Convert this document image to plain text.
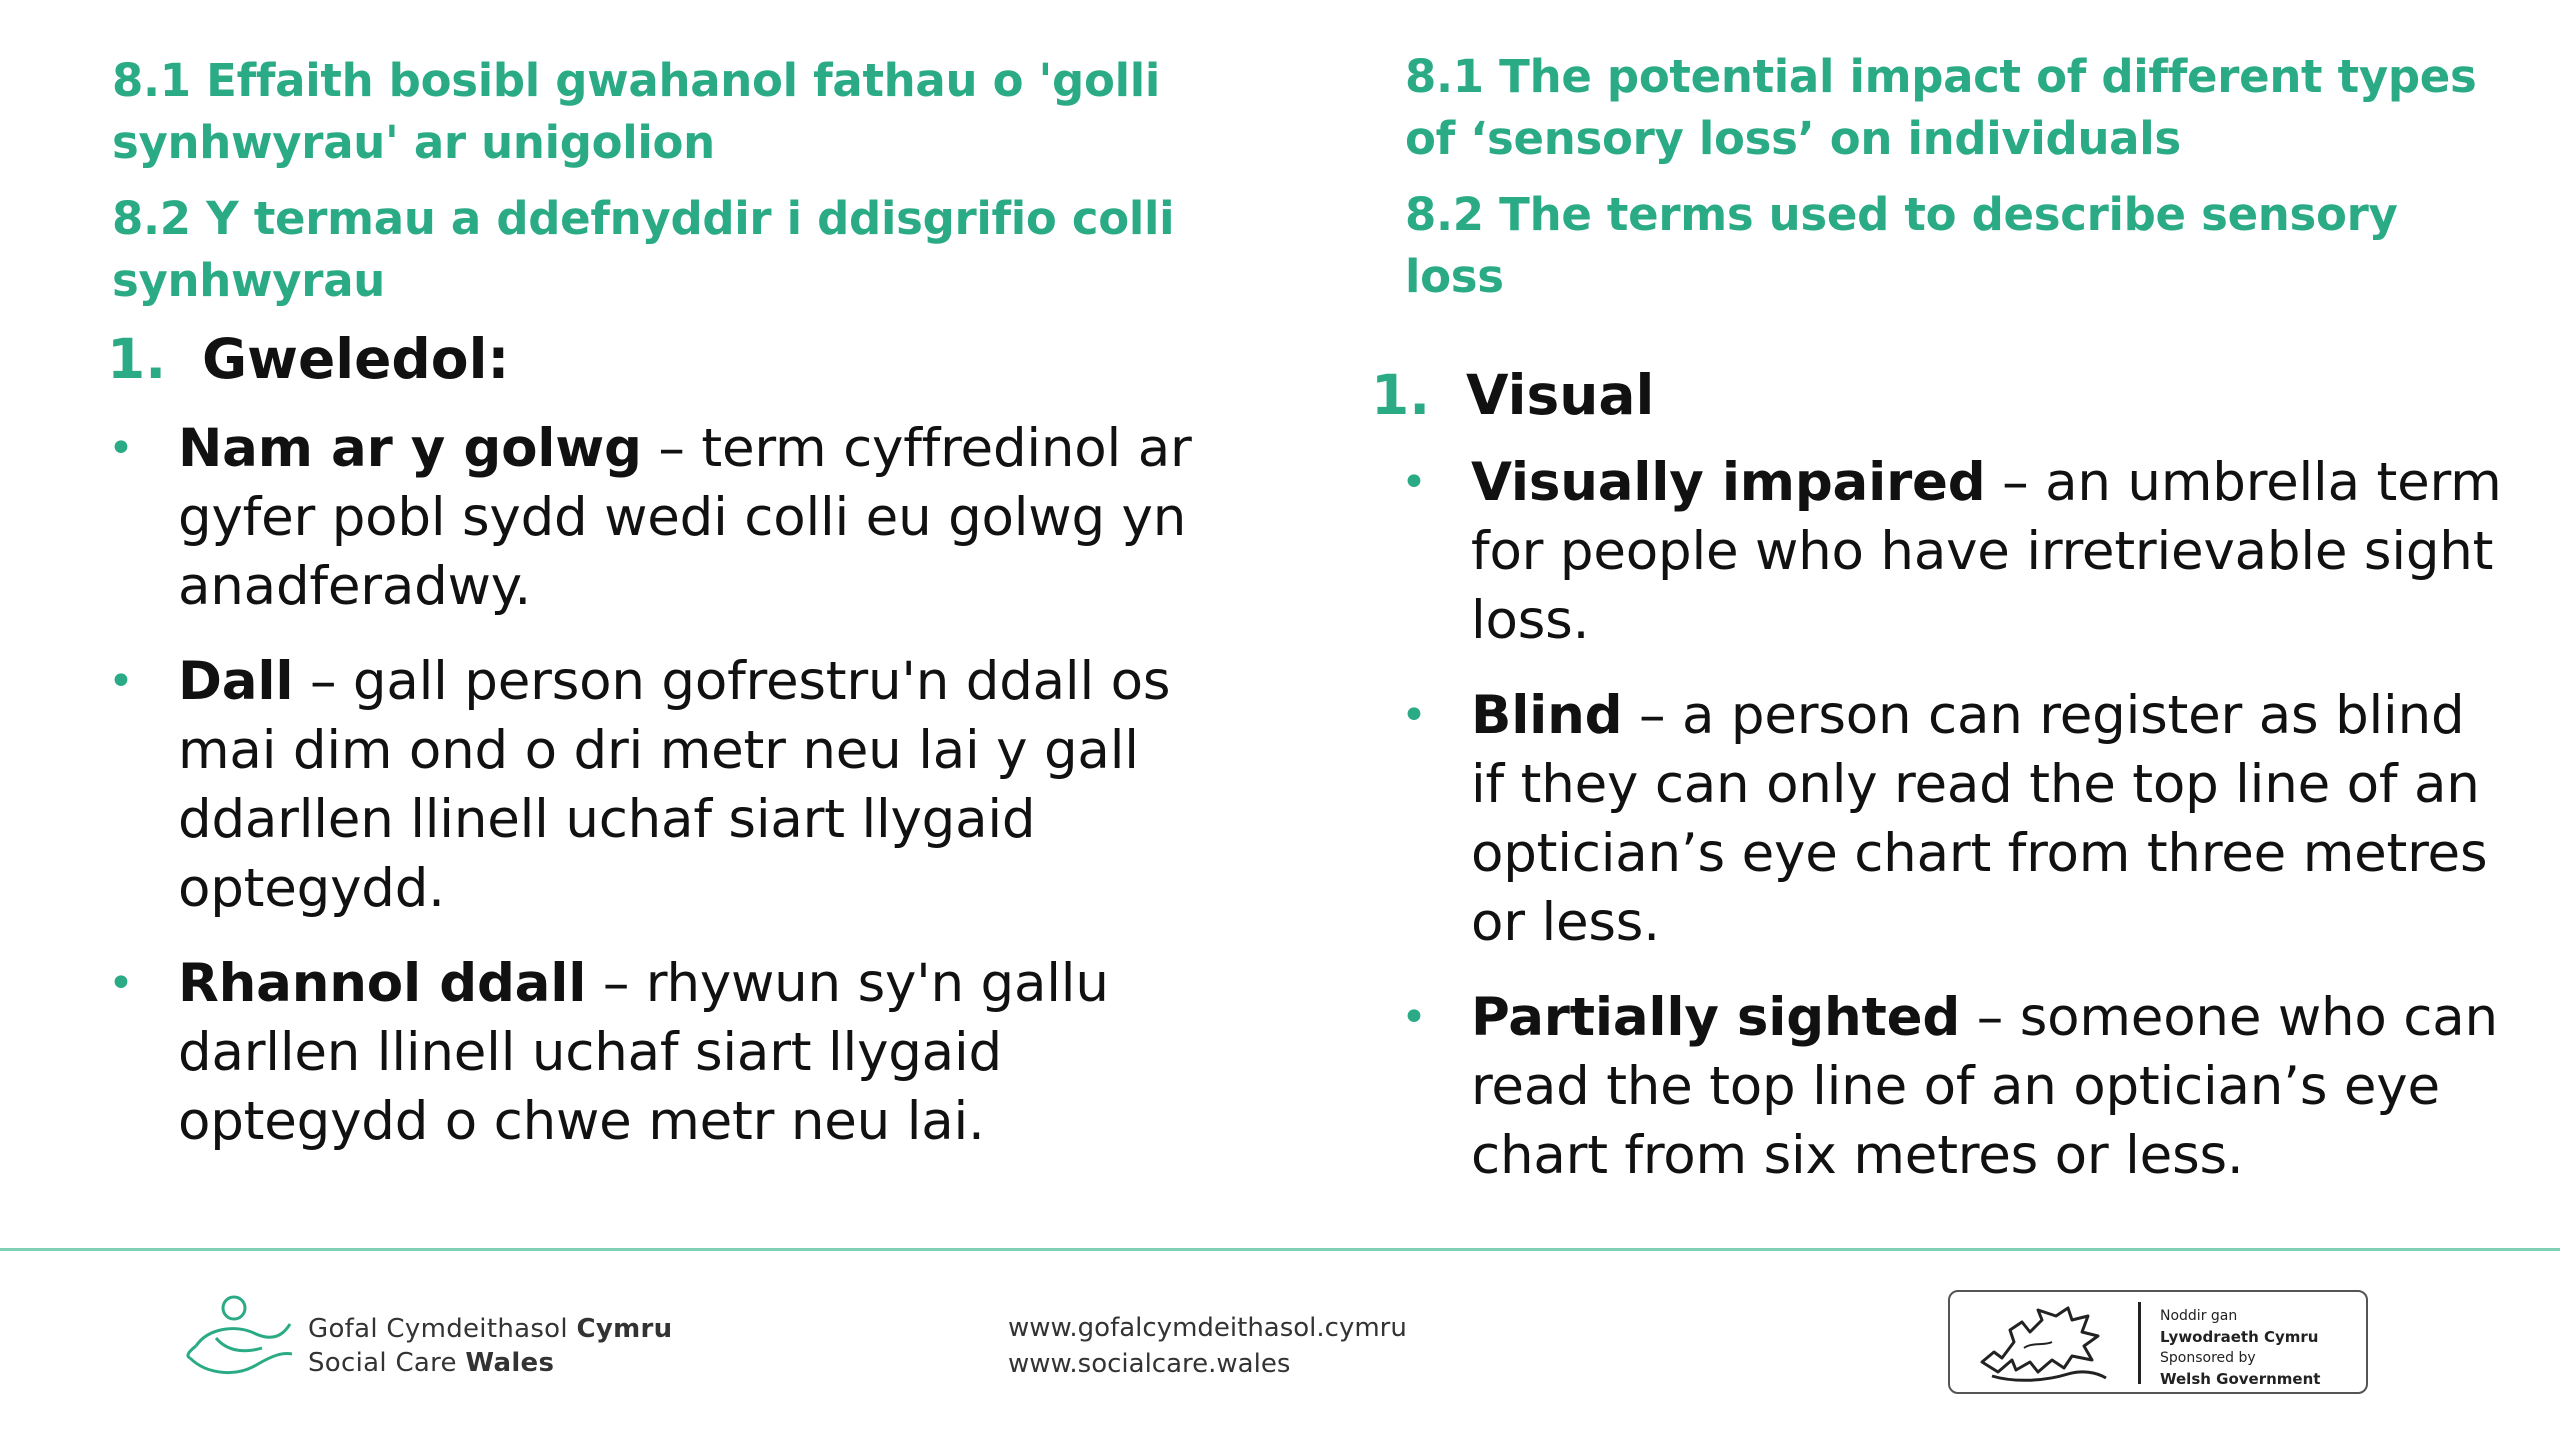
8.1 Effaith bosibl gwahanol fathau o 'golli synhwyrau' ar unigolion

8.2 Y termau a ddefnyddir i ddisgrifio colli synhwyrau

1. Gweledol:
• Nam ar y golwg – term cyffredinol ar gyfer pobl sydd wedi colli eu golwg yn anadferadwy.
• Dall – gall person gofrestru'n ddall os mai dim ond o dri metr neu lai y gall ddarllen llinell uchaf siart llygaid optegydd.
• Rhannol ddall – rhywun sy'n gallu darllen llinell uchaf siart llygaid optegydd o chwe metr neu lai.

8.1 The potential impact of different types of ‘sensory loss’ on individuals

8.2 The terms used to describe sensory loss

1. Visual
• Visually impaired – an umbrella term for people who have irretrievable sight loss.
• Blind – a person can register as blind if they can only read the top line of an optician’s eye chart from three metres or less.
• Partially sighted – someone who can read the top line of an optician’s eye chart from six metres or less.
Gofal Cymdeithasol Cymru
Social Care Wales
www.gofalcymdeithasol.cymru
www.socialcare.wales
Noddir gan
Lywodraeth Cymru
Sponsored by
Welsh Government
